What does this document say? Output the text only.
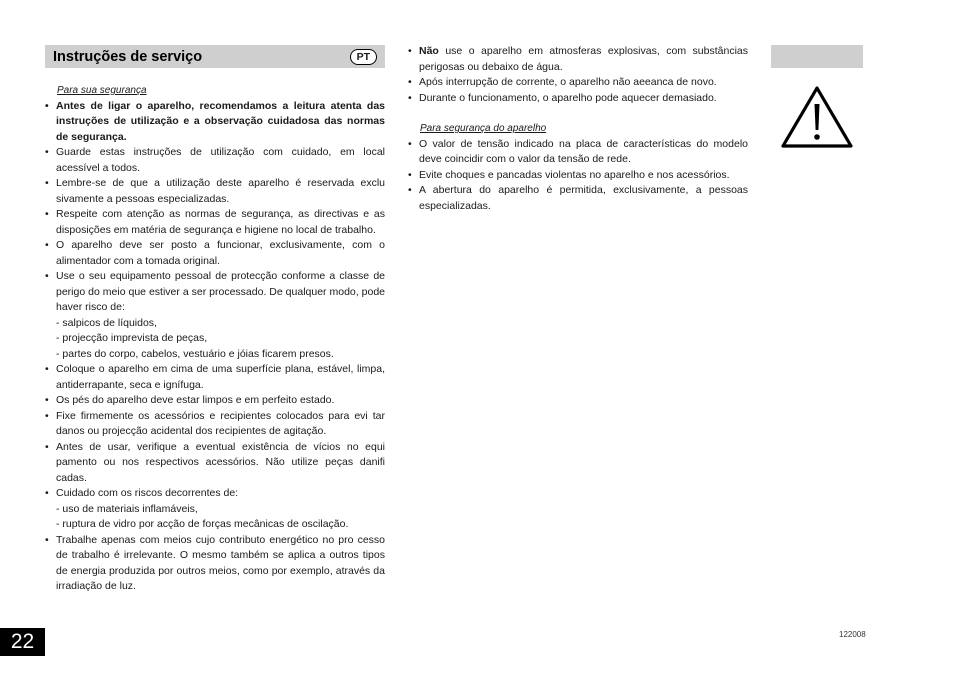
Instruções de serviço	PT
Para sua segurança
• Antes de ligar o aparelho, recomendamos a leitura atenta das instruções de utilização e a observação cuidadosa das normas de segurança.
• Guarde estas instruções de utilização com cuidado, em local acessível a todos.
• Lembre-se de que a utilização deste aparelho é reservada exclu sivamente a pessoas especializadas.
• Respeite com atenção as normas de segurança, as directivas e as disposições em matéria de segurança e higiene no local de trabalho.
• O aparelho deve ser posto a funcionar, exclusivamente, com o alimentador com a tomada original.
• Use o seu equipamento pessoal de protecção conforme a classe de perigo do meio que estiver a ser processado. De qualquer modo, pode haver risco de:
- salpicos de líquidos,
- projecção imprevista de peças,
- partes do corpo, cabelos, vestuário e jóias ficarem presos.
• Coloque o aparelho em cima de uma superfície plana, estável, limpa, antiderrapante, seca e ignífuga.
• Os pés do aparelho deve estar limpos e em perfeito estado.
• Fixe firmemente os acessórios e recipientes colocados para evi tar danos ou projecção acidental dos recipientes de agitação.
• Antes de usar, verifique a eventual existência de vícios no equi pamento ou nos respectivos acessórios. Não utilize peças danifi cadas.
• Cuidado com os riscos decorrentes de:
- uso de materiais inflamáveis,
- ruptura de vidro por acção de forças mecânicas de oscilação.
• Trabalhe apenas com meios cujo contributo energético no pro cesso de trabalho é irrelevante. O mesmo também se aplica a outros tipos de energia produzida por outros meios, como por exemplo, através da irradiação de luz.
• Não use o aparelho em atmosferas explosivas, com substâncias perigosas ou debaixo de água.
• Após interrupção de corrente, o aparelho não aeeanca de novo.
• Durante o funcionamento, o aparelho pode aquecer demasiado.
Para segurança do aparelho
• O valor de tensão indicado na placa de características do modelo deve coincidir com o valor da tensão de rede.
• Evite choques e pancadas violentas no aparelho e nos acessórios.
• A abertura do aparelho é permitida, exclusivamente, a pessoas especializadas.
22	122008
